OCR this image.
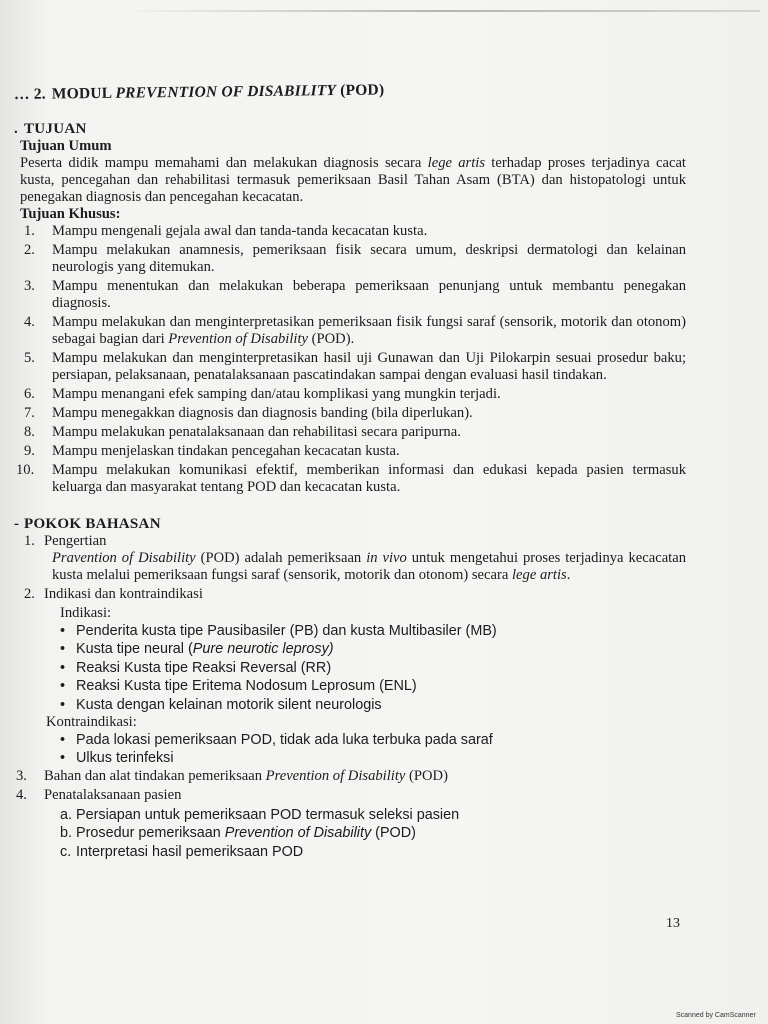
… 2. MODUL PREVENTION OF DISABILITY (POD)
. TUJUAN
Tujuan Umum

Peserta didik mampu memahami dan melakukan diagnosis secara lege artis terhadap proses terjadinya cacat kusta, pencegahan dan rehabilitasi termasuk pemeriksaan Basil Tahan Asam (BTA) dan histopatologi untuk penegakan diagnosis dan pencegahan kecacatan.

Tujuan Khusus:
1. Mampu mengenali gejala awal dan tanda-tanda kecacatan kusta.
2. Mampu melakukan anamnesis, pemeriksaan fisik secara umum, deskripsi dermatologi dan kelainan neurologis yang ditemukan.
3. Mampu menentukan dan melakukan beberapa pemeriksaan penunjang untuk membantu penegakan diagnosis.
4. Mampu melakukan dan menginterpretasikan pemeriksaan fisik fungsi saraf (sensorik, motorik dan otonom) sebagai bagian dari Prevention of Disability (POD).
5. Mampu melakukan dan menginterpretasikan hasil uji Gunawan dan Uji Pilokarpin sesuai prosedur baku; persiapan, pelaksanaan, penatalaksanaan pascatindakan sampai dengan evaluasi hasil tindakan.
6. Mampu menangani efek samping dan/atau komplikasi yang mungkin terjadi.
7. Mampu menegakkan diagnosis dan diagnosis banding (bila diperlukan).
8. Mampu melakukan penatalaksanaan dan rehabilitasi secara paripurna.
9. Mampu menjelaskan tindakan pencegahan kecacatan kusta.
10. Mampu melakukan komunikasi efektif, memberikan informasi dan edukasi kepada pasien termasuk keluarga dan masyarakat tentang POD dan kecacatan kusta.
- POKOK BAHASAN
1. Pengertian
Pravention of Disability (POD) adalah pemeriksaan in vivo untuk mengetahui proses terjadinya kecacatan kusta melalui pemeriksaan fungsi saraf (sensorik, motorik dan otonom) secara lege artis.
2. Indikasi dan kontraindikasi
Indikasi:
• Penderita kusta tipe Pausibasiler (PB) dan kusta Multibasiler (MB)
• Kusta tipe neural (Pure neurotic leprosy)
• Reaksi Kusta tipe Reaksi Reversal (RR)
• Reaksi Kusta tipe Eritema Nodosum Leprosum (ENL)
• Kusta dengan kelainan motorik silent neurologis
Kontraindikasi:
• Pada lokasi pemeriksaan POD, tidak ada luka terbuka pada saraf
• Ulkus terinfeksi
3. Bahan dan alat tindakan pemeriksaan Prevention of Disability (POD)
4. Penatalaksanaan pasien
a. Persiapan untuk pemeriksaan POD termasuk seleksi pasien
b. Prosedur pemeriksaan Prevention of Disability (POD)
c. Interpretasi hasil pemeriksaan POD
13
Scanned by CamScanner
